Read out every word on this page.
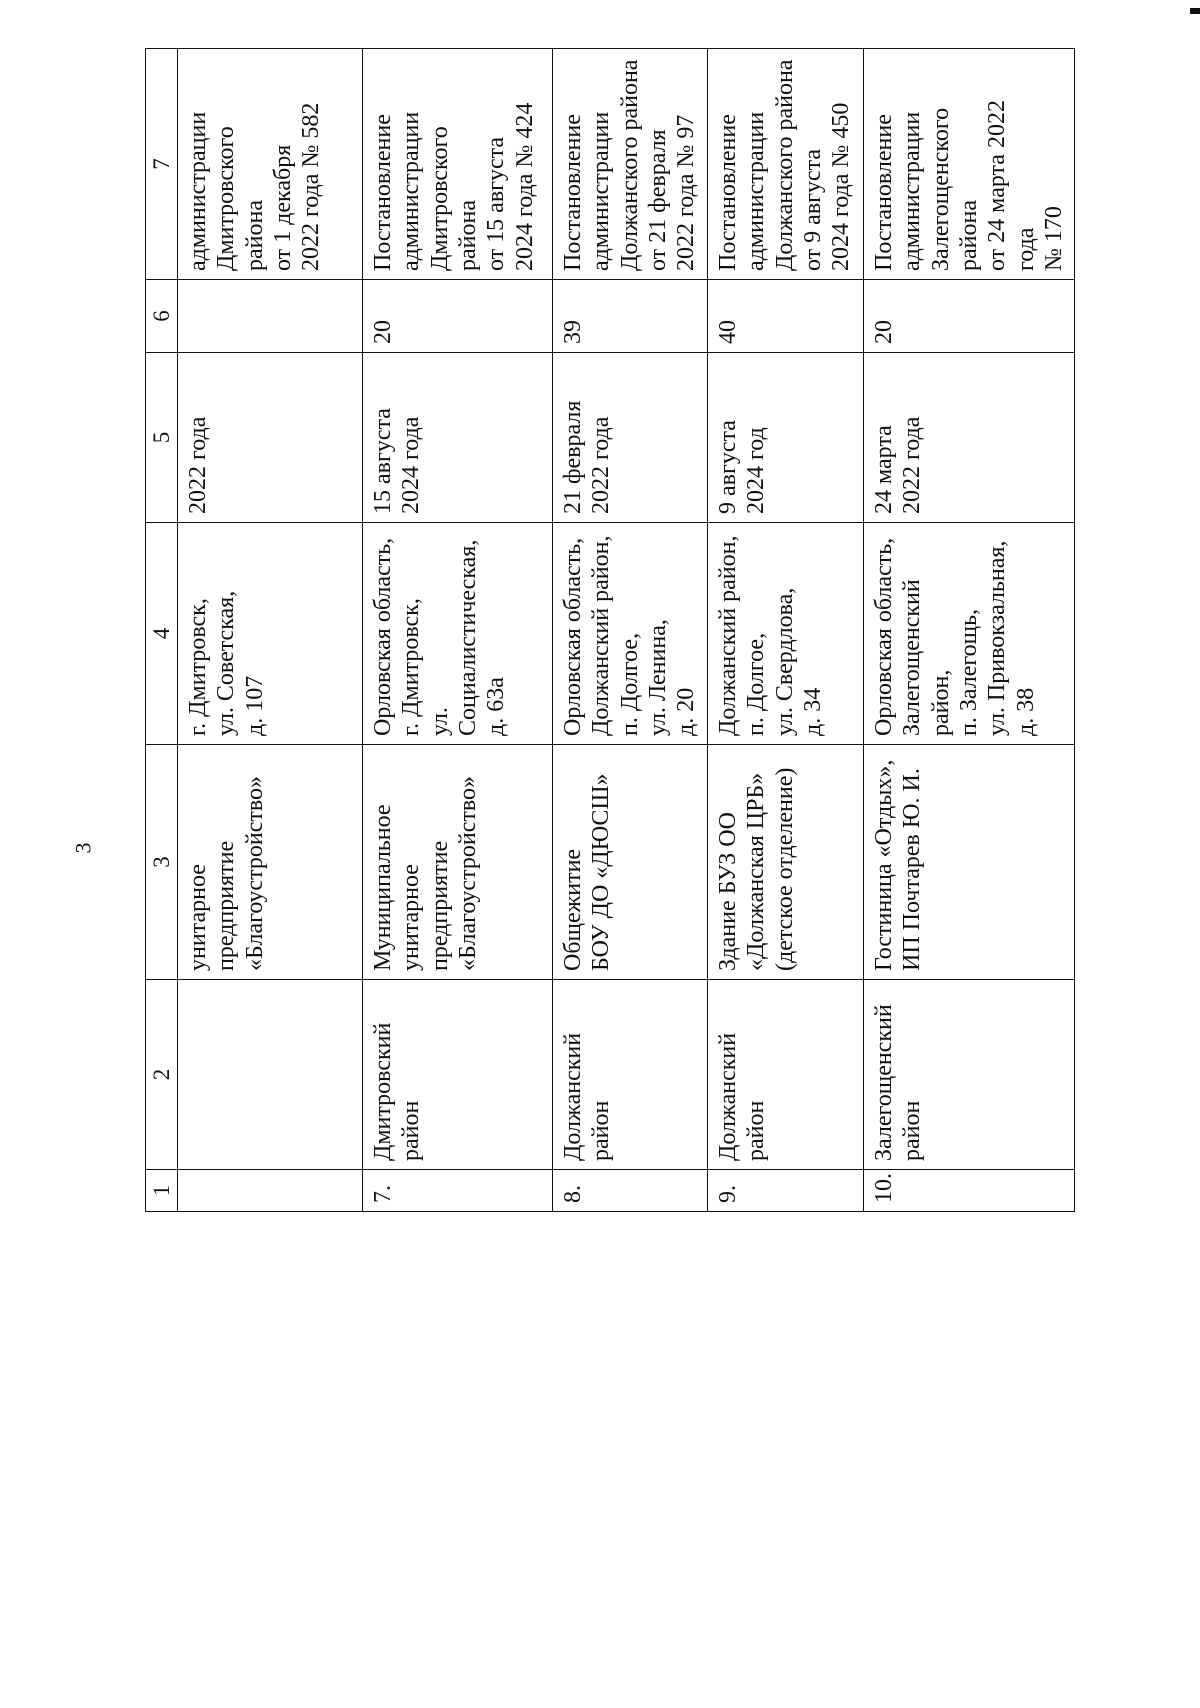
3
1	2	3	4	5	6	7
		унитарное
предприятие
«Благоустройство»	г. Дмитровск,
ул. Советская,
д. 107	2022 года		администрации
Дмитровского района
от 1 декабря
2022 года № 582
7.	Дмитровский район	Муниципальное
унитарное
предприятие
«Благоустройство»	Орловская область,
г. Дмитровск,
ул. Социалистическая,
д. 63а	15 августа
2024 года	20	Постановление
администрации
Дмитровского района
от 15 августа
2024 года № 424
8.	Должанский район	Общежитие
БОУ ДО «ДЮСШ»	Орловская область,
Должанский район,
п. Долгое,
ул. Ленина,
д. 20	21 февраля
2022 года	39	Постановление
администрации
Должанского района
от 21 февраля
2022 года № 97
9.	Должанский район	Здание БУЗ ОО
«Должанская ЦРБ»
(детское отделение)	Должанский район,
п. Долгое,
ул. Свердлова,
д. 34	9 августа
2024 год	40	Постановление
администрации
Должанского района
от 9 августа
2024 года № 450
10.	Залегощенский район	Гостиница «Отдых»,
ИП Почтарев Ю. И.	Орловская область,
Залегощенский район,
п. Залегощь,
ул. Привокзальная,
д. 38	24 марта
2022 года	20	Постановление
администрации
Залегощенского района
от 24 марта 2022 года
№ 170
